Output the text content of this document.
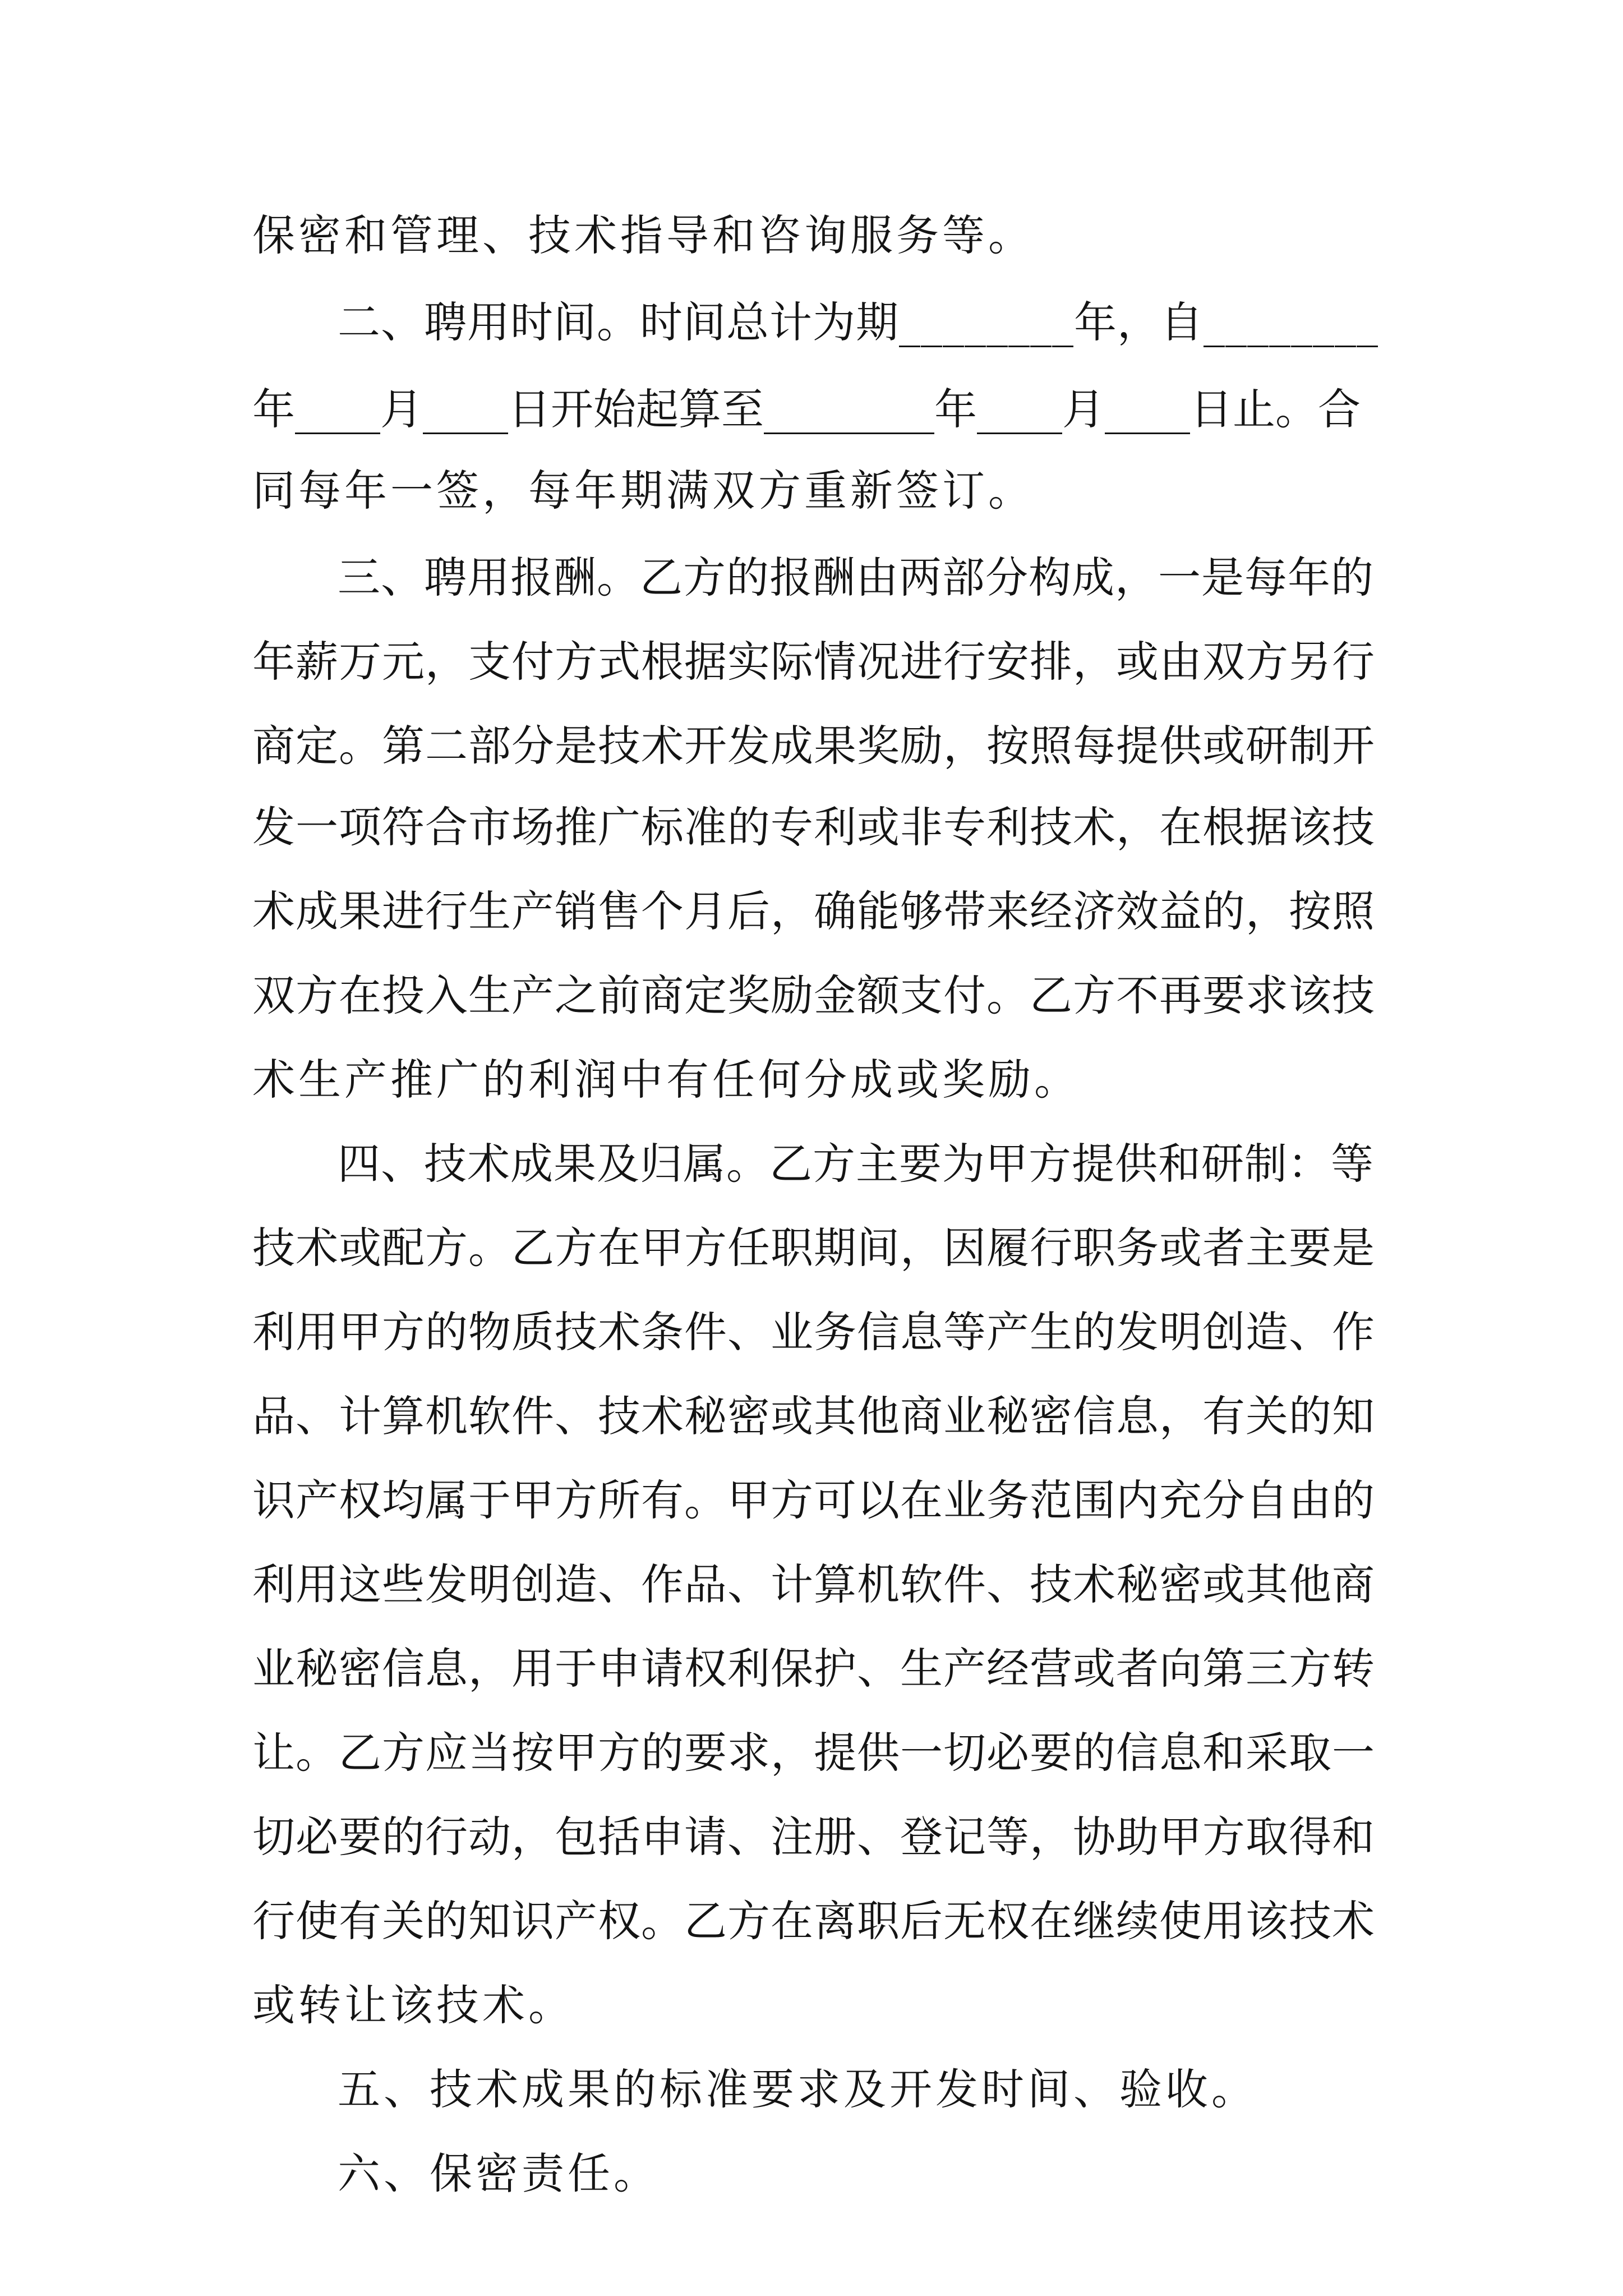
保密和管理、技术指导和咨询服务等。
二、聘用时间。时间总计为期________年，自________
年____月____日开始起算至________年____月____日止。合
同每年一签，每年期满双方重新签订。
三、聘用报酬。乙方的报酬由两部分构成，一是每年的
年薪万元，支付方式根据实际情况进行安排，或由双方另行
商定。第二部分是技术开发成果奖励，按照每提供或研制开
发一项符合市场推广标准的专利或非专利技术，在根据该技
术成果进行生产销售个月后，确能够带来经济效益的，按照
双方在投入生产之前商定奖励金额支付。乙方不再要求该技
术生产推广的利润中有任何分成或奖励。
四、技术成果及归属。乙方主要为甲方提供和研制：等
技术或配方。乙方在甲方任职期间，因履行职务或者主要是
利用甲方的物质技术条件、业务信息等产生的发明创造、作
品、计算机软件、技术秘密或其他商业秘密信息，有关的知
识产权均属于甲方所有。甲方可以在业务范围内充分自由的
利用这些发明创造、作品、计算机软件、技术秘密或其他商
业秘密信息，用于申请权利保护、生产经营或者向第三方转
让。乙方应当按甲方的要求，提供一切必要的信息和采取一
切必要的行动，包括申请、注册、登记等，协助甲方取得和
行使有关的知识产权。乙方在离职后无权在继续使用该技术
或转让该技术。
五、技术成果的标准要求及开发时间、验收。
六、保密责任。
